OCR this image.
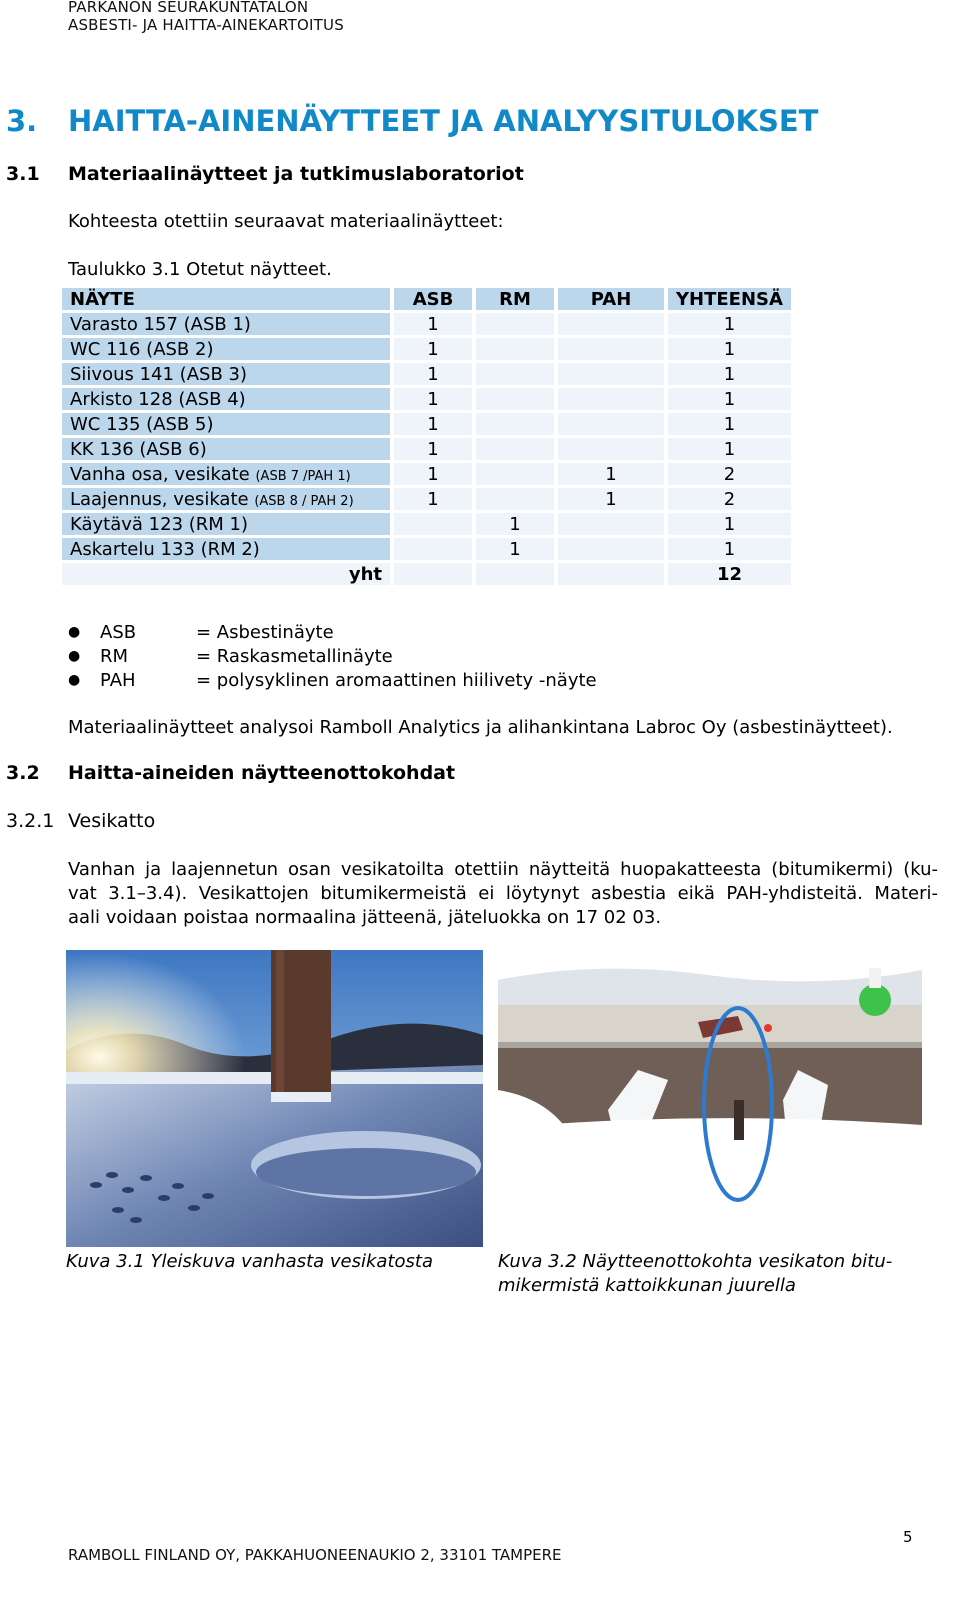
PARKANON SEURAKUNTATALON
ASBESTI- JA HAITTA-AINEKARTOITUS
3. HAITTA-AINENÄYTTEET JA ANALYYSITULOKSET
3.1 Materiaalinäytteet ja tutkimuslaboratoriot
Kohteesta otettiin seuraavat materiaalinäytteet:
Taulukko 3.1 Otetut näytteet.
NÄYTE	ASB	RM	PAH	YHTEENSÄ
Varasto 157 (ASB 1)	1			1
WC 116 (ASB 2)	1			1
Siivous 141 (ASB 3)	1			1
Arkisto 128 (ASB 4)	1			1
WC 135 (ASB 5)	1			1
KK 136 (ASB 6)	1			1
Vanha osa, vesikate (ASB 7 /PAH 1)	1		1	2
Laajennus, vesikate (ASB 8 / PAH 2)	1		1	2
Käytävä 123 (RM 1)		1		1
Askartelu 133 (RM 2)		1		1
yht				12
●	ASB	= Asbestinäyte
●	RM	= Raskasmetallinäyte
●	PAH	= polysyklinen aromaattinen hiilivety -näyte
Materiaalinäytteet analysoi Ramboll Analytics ja alihankintana Labroc Oy (asbestinäytteet).
3.2 Haitta-aineiden näytteenottokohdat
3.2.1 Vesikatto
Vanhan ja laajennetun osan vesikatoilta otettiin näytteitä huopakatteesta (bitumikermi) (ku-
vat 3.1–3.4). Vesikattojen bitumikermeistä ei löytynyt asbestia eikä PAH-yhdisteitä. Materi-
aali voidaan poistaa normaalina jätteenä, jäteluokka on 17 02 03.
Kuva 3.1 Yleiskuva vanhasta vesikatosta	Kuva 3.2 Näytteenottokohta vesikaton bitu-
mikermistä kattoikkunan juurella
5
RAMBOLL FINLAND OY, PAKKAHUONEENAUKIO 2, 33101 TAMPERE
